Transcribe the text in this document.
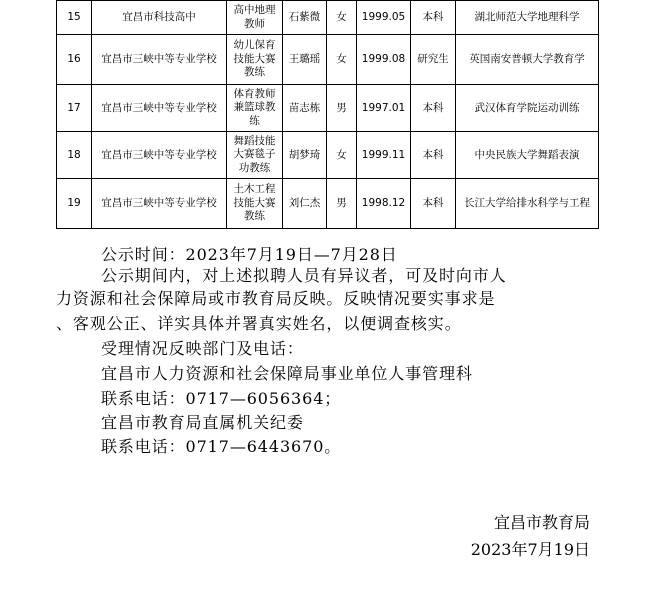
15	宜昌市科技高中	高中地理教师	石紫微	女	1999.05	本科	湖北师范大学地理科学
16	宜昌市三峡中等专业学校	幼儿保育技能大赛教练	王璐瑶	女	1999.08	研究生	英国南安普顿大学教育学
17	宜昌市三峡中等专业学校	体育教师兼篮球教练	苗志栋	男	1997.01	本科	武汉体育学院运动训练
18	宜昌市三峡中等专业学校	舞蹈技能大赛毯子功教练	胡梦琦	女	1999.11	本科	中央民族大学舞蹈表演
19	宜昌市三峡中等专业学校	土木工程技能大赛教练	刘仁杰	男	1998.12	本科	长江大学给排水科学与工程
公示时间：2023年7月19日—7月28日
公示期间内，对上述拟聘人员有异议者，可及时向市人
力资源和社会保障局或市教育局反映。反映情况要实事求是
、客观公正、详实具体并署真实姓名，以便调查核实。
受理情况反映部门及电话：
宜昌市人力资源和社会保障局事业单位人事管理科
联系电话：0717—6056364；
宜昌市教育局直属机关纪委
联系电话：0717—6443670。
宜昌市教育局
2023年7月19日
